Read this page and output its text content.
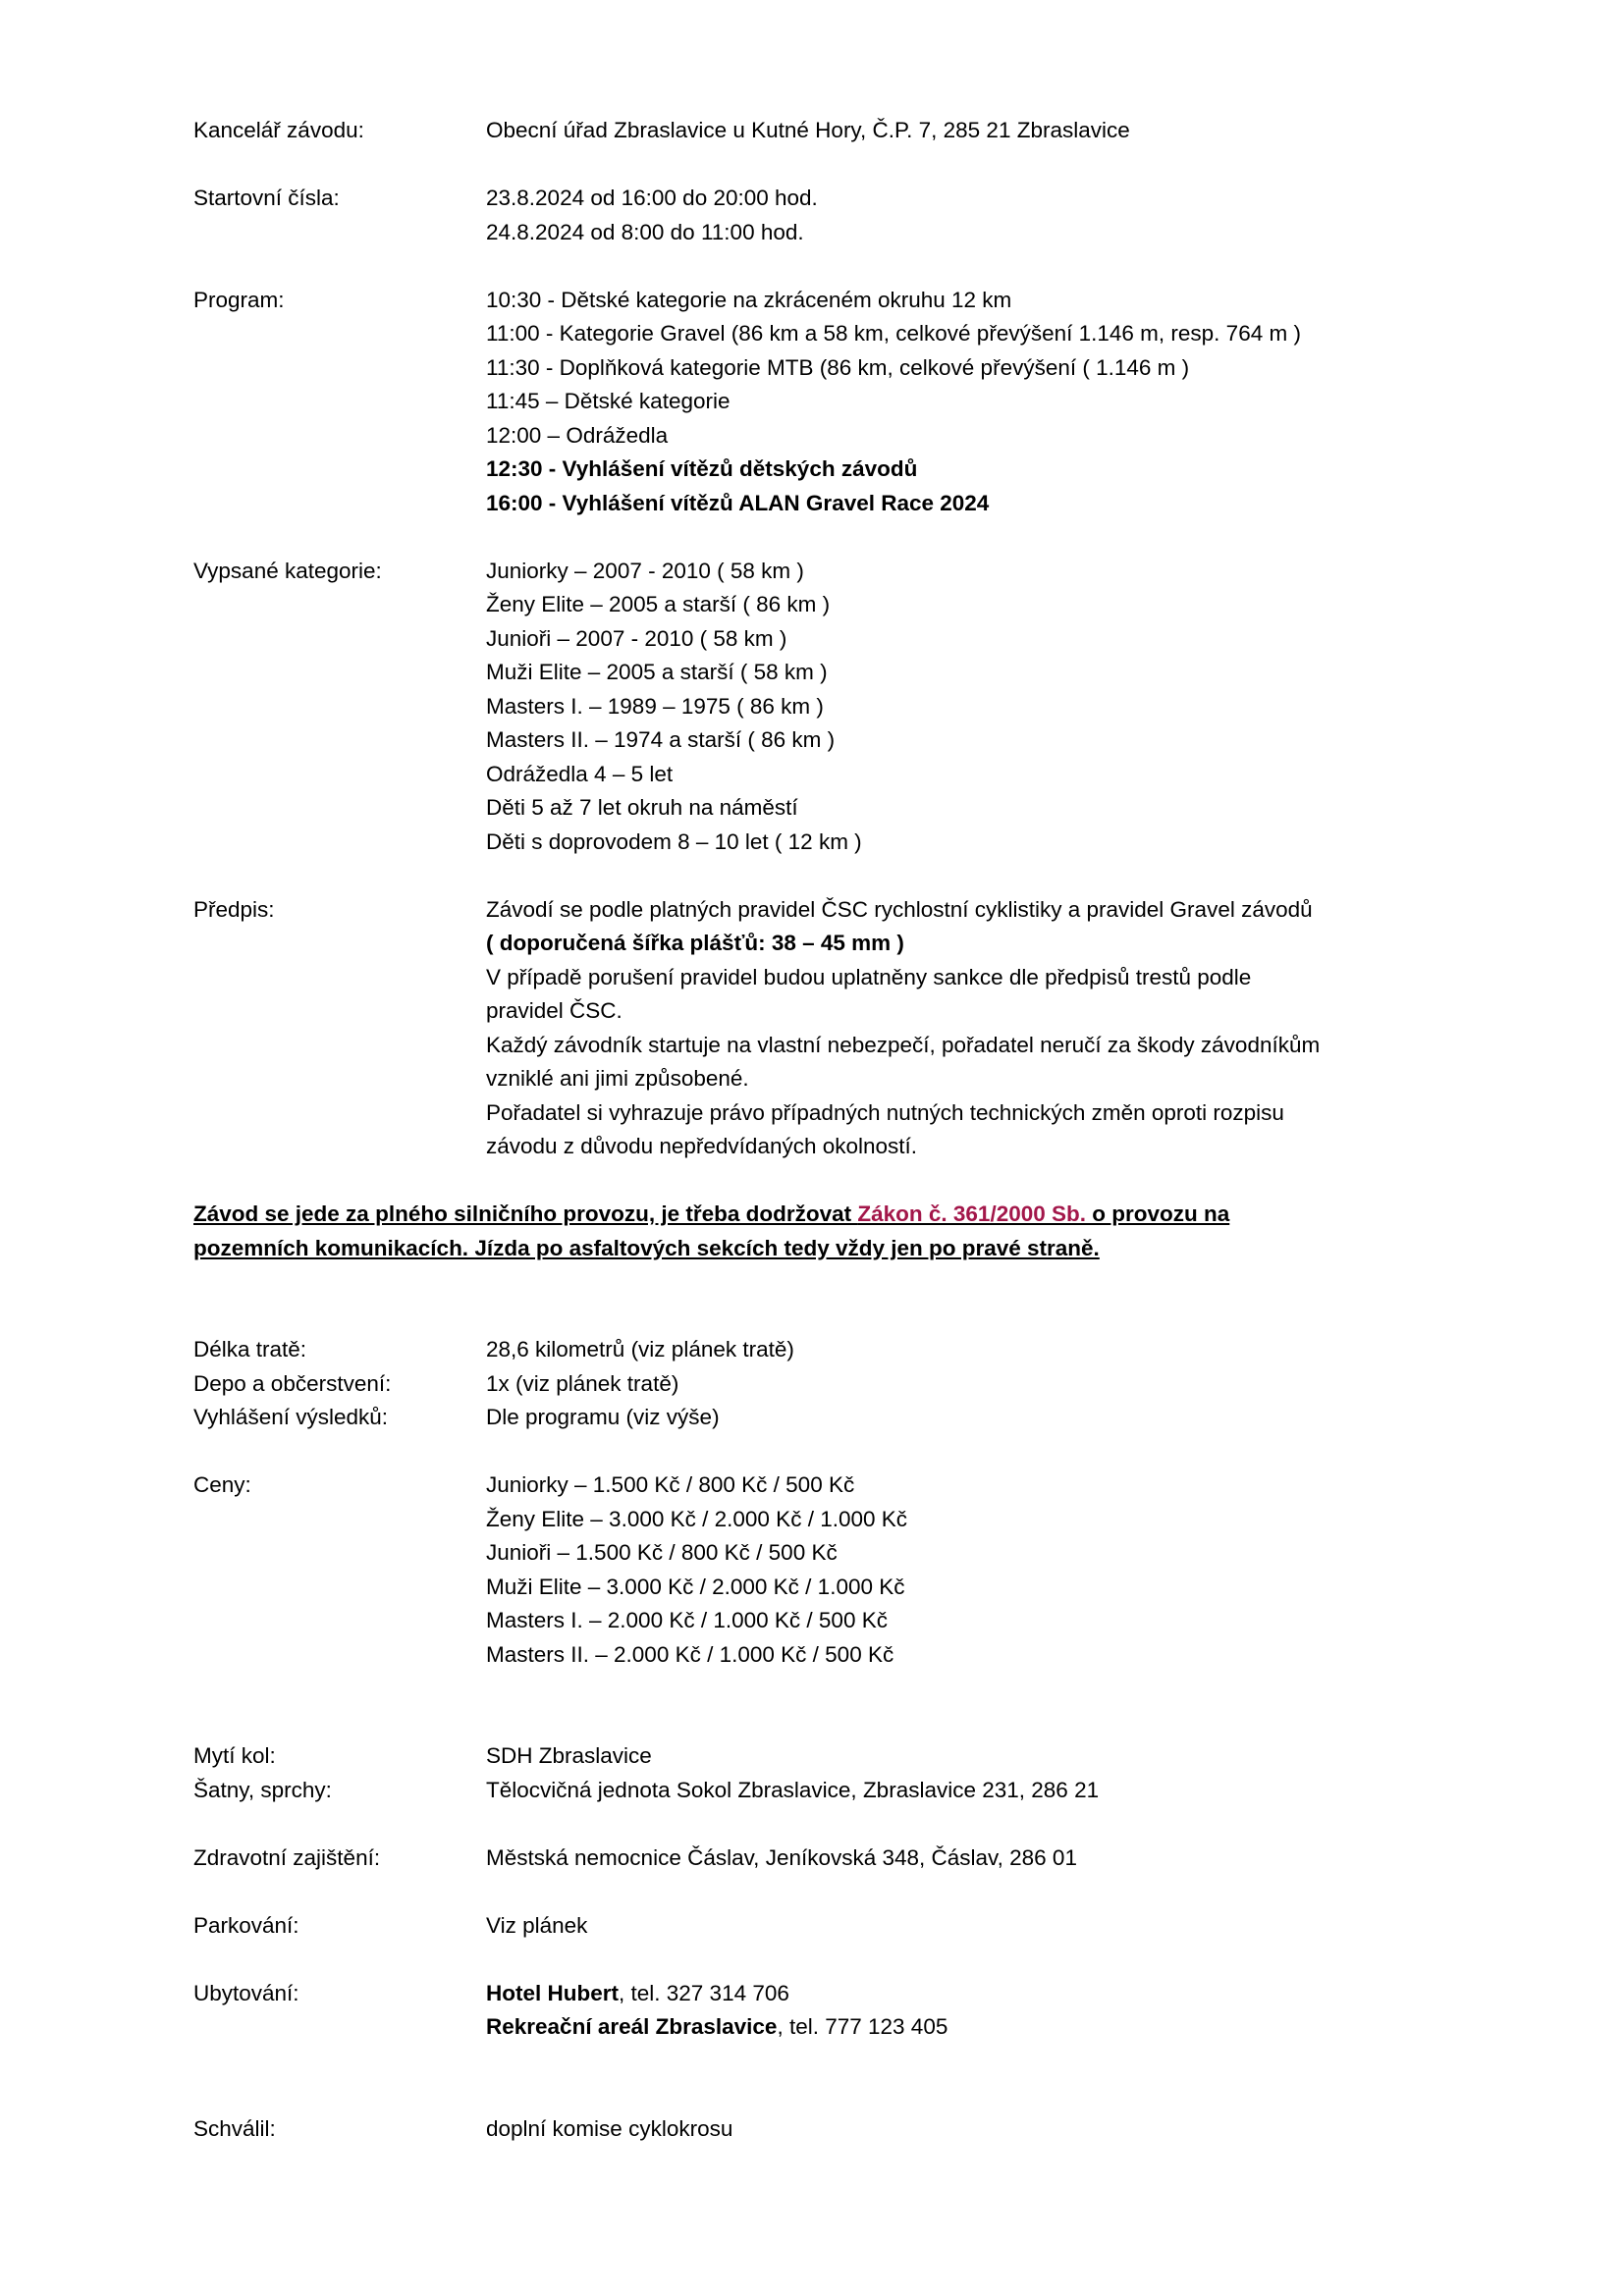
Kancelář závodu:	Obecní úřad Zbraslavice u Kutné Hory, Č.P. 7, 285 21 Zbraslavice
Startovní čísla:	23.8.2024 od 16:00 do 20:00 hod.
24.8.2024 od 8:00 do 11:00 hod.
Program:	10:30 - Dětské kategorie na zkráceném okruhu 12 km
11:00 - Kategorie Gravel (86 km a 58 km, celkové převýšení 1.146 m, resp. 764 m )
11:30 - Doplňková kategorie MTB (86 km, celkové převýšení ( 1.146 m )
11:45 – Dětské kategorie
12:00 – Odrážedla
12:30 - Vyhlášení vítězů dětských závodů
16:00 - Vyhlášení vítězů ALAN Gravel Race 2024
Vypsané kategorie:	Juniorky – 2007 - 2010 ( 58 km )
Ženy Elite – 2005 a starší ( 86 km )
Junioři – 2007 - 2010 ( 58 km )
Muži Elite – 2005 a starší ( 58 km )
Masters I. – 1989 – 1975 ( 86 km )
Masters II. – 1974 a starší ( 86 km )
Odrážedla 4 – 5 let
Děti 5 až 7 let okruh na náměstí
Děti s doprovodem 8 – 10 let ( 12 km )
Předpis:	Závodí se podle platných pravidel ČSC rychlostní cyklistiky a pravidel Gravel závodů
( doporučená šířka plášťů: 38 – 45 mm )
V případě porušení pravidel budou uplatněny sankce dle předpisů trestů podle
pravidel ČSC.
Každý závodník startuje na vlastní nebezpečí, pořadatel neručí za škody závodníkům
vzniklé ani jimi způsobené.
Pořadatel si vyhrazuje právo případných nutných technických změn oproti rozpisu
závodu z důvodu nepředvídaných okolností.
Závod se jede za plného silničního provozu, je třeba dodržovat Zákon č. 361/2000 Sb. o provozu na
pozemních komunikacích. Jízda po asfaltových sekcích tedy vždy jen po pravé straně.
Délka tratě:	28,6 kilometrů (viz plánek tratě)
Depo a občerstvení:	1x (viz plánek tratě)
Vyhlášení výsledků:	Dle programu (viz výše)
Ceny:	Juniorky – 1.500 Kč / 800 Kč / 500 Kč
Ženy Elite – 3.000 Kč / 2.000 Kč / 1.000 Kč
Junioři – 1.500 Kč / 800 Kč / 500 Kč
Muži Elite – 3.000 Kč / 2.000 Kč / 1.000 Kč
Masters I. – 2.000 Kč / 1.000 Kč / 500 Kč
Masters II. – 2.000 Kč / 1.000 Kč / 500 Kč
Mytí kol:	SDH Zbraslavice
Šatny, sprchy:	Tělocvičná jednota Sokol Zbraslavice, Zbraslavice 231, 286 21
Zdravotní zajištění:	Městská nemocnice Čáslav, Jeníkovská 348, Čáslav, 286 01
Parkování:	Viz plánek
Ubytování:	Hotel Hubert, tel. 327 314 706
Rekreační areál Zbraslavice, tel. 777 123 405
Schválil:	doplní komise cyklokrosu
